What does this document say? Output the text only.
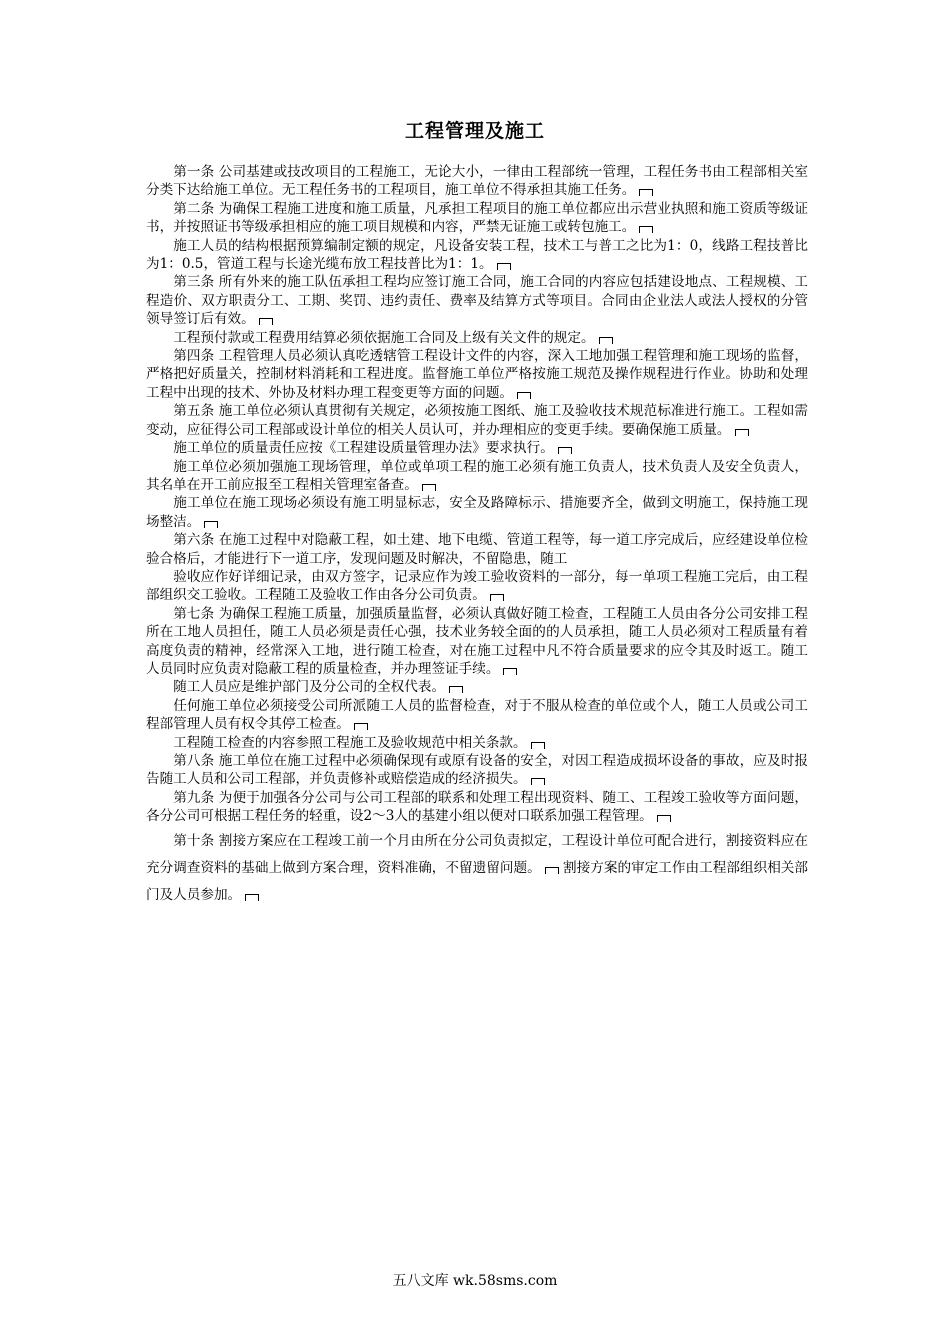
工程管理及施工

第一条 公司基建或技改项目的工程施工，无论大小，一律由工程部统一管理，工程任务书由工程部相关室分类下达给施工单位。无工程任务书的工程项目，施工单位不得承担其施工任务。

第二条 为确保工程施工进度和施工质量，凡承担工程项目的施工单位都应出示营业执照和施工资质等级证书，并按照证书等级承担相应的施工项目规模和内容，严禁无证施工或转包施工。

施工人员的结构根据预算编制定额的规定，凡设备安装工程，技术工与普工之比为1：0，线路工程技普比为1：0.5，管道工程与长途光缆布放工程技普比为1：1。

第三条 所有外来的施工队伍承担工程均应签订施工合同，施工合同的内容应包括建设地点、工程规模、工程造价、双方职责分工、工期、奖罚、违约责任、费率及结算方式等项目。合同由企业法人或法人授权的分管领导签订后有效。

工程预付款或工程费用结算必须依据施工合同及上级有关文件的规定。

第四条 工程管理人员必须认真吃透辖管工程设计文件的内容，深入工地加强工程管理和施工现场的监督，严格把好质量关，控制材料消耗和工程进度。监督施工单位严格按施工规范及操作规程进行作业。协助和处理工程中出现的技术、外协及材料办理工程变更等方面的问题。

第五条 施工单位必须认真贯彻有关规定，必须按施工图纸、施工及验收技术规范标准进行施工。工程如需变动，应征得公司工程部或设计单位的相关人员认可，并办理相应的变更手续。要确保施工质量。

施工单位的质量责任应按《工程建设质量管理办法》要求执行。

施工单位必须加强施工现场管理，单位或单项工程的施工必须有施工负责人，技术负责人及安全负责人，其名单在开工前应报至工程相关管理室备查。

施工单位在施工现场必须设有施工明显标志，安全及路障标示、措施要齐全，做到文明施工，保持施工现场整洁。

第六条 在施工过程中对隐蔽工程，如土建、地下电缆、管道工程等，每一道工序完成后，应经建设单位检验合格后，才能进行下一道工序，发现问题及时解决，不留隐患，随工

验收应作好详细记录，由双方签字，记录应作为竣工验收资料的一部分，每一单项工程施工完后，由工程部组织交工验收。工程随工及验收工作由各分公司负责。

第七条 为确保工程施工质量，加强质量监督，必须认真做好随工检查，工程随工人员由各分公司安排工程所在工地人员担任，随工人员必须是责任心强，技术业务较全面的的人员承担，随工人员必须对工程质量有着高度负责的精神，经常深入工地，进行随工检查，对在施工过程中凡不符合质量要求的应令其及时返工。随工人员同时应负责对隐蔽工程的质量检查，并办理签证手续。

随工人员应是维护部门及分公司的全权代表。

任何施工单位必须接受公司所派随工人员的监督检查，对于不服从检查的单位或个人，随工人员或公司工程部管理人员有权令其停工检查。

工程随工检查的内容参照工程施工及验收规范中相关条款。

第八条 施工单位在施工过程中必须确保现有或原有设备的安全，对因工程造成损坏设备的事故，应及时报告随工人员和公司工程部，并负责修补或赔偿造成的经济损失。

第九条 为便于加强各分公司与公司工程部的联系和处理工程出现资料、随工、工程竣工验收等方面问题，各分公司可根据工程任务的轻重，设2～3人的基建小组以便对口联系加强工程管理。

第十条 割接方案应在工程竣工前一个月由所在分公司负责拟定，工程设计单位可配合进行，割接资料应在充分调查资料的基础上做到方案合理，资料准确，不留遗留问题。 割接方案的审定工作由工程部组织相关部门及人员参加。

五八文库 wk.58sms.com
